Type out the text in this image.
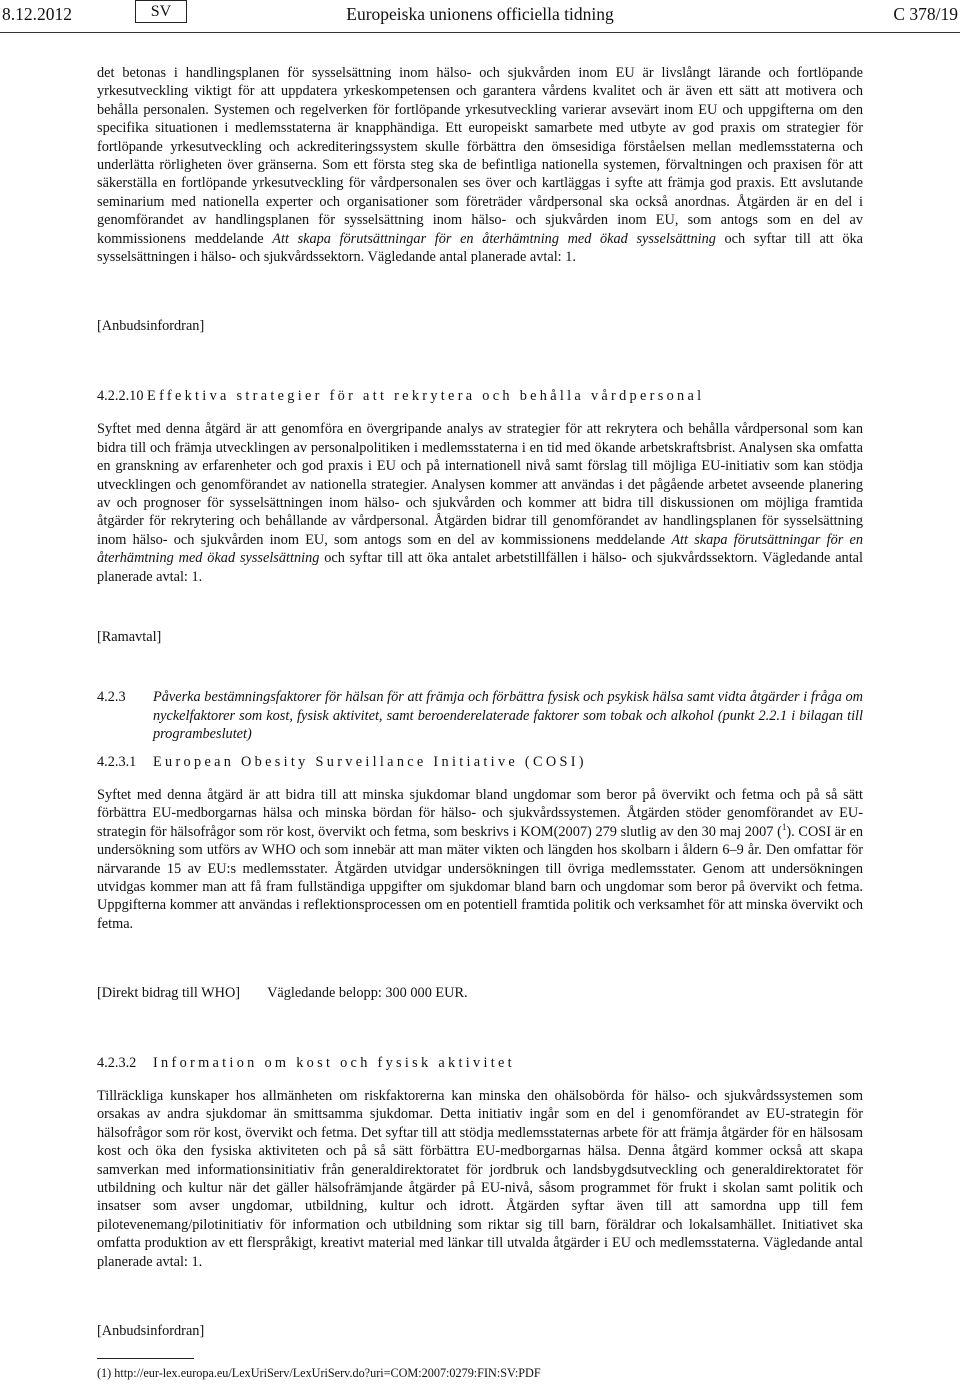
8.12.2012	SV	Europeiska unionens officiella tidning	C 378/19

det betonas i handlingsplanen för sysselsättning inom hälso- och sjukvården inom EU är livslångt lärande och fortlöpande yrkesutveckling viktigt för att uppdatera yrkeskompetensen och garantera vårdens kvalitet och är även ett sätt att motivera och behålla personalen. Systemen och regelverken för fortlöpande yrkesutveckling varierar avsevärt inom EU och uppgifterna om den specifika situationen i medlemsstaterna är knapphändiga. Ett europeiskt samarbete med utbyte av god praxis om strategier för fortlöpande yrkesutveckling och ackrediteringssystem skulle förbättra den ömsesidiga förståelsen mellan medlemsstaterna och underlätta rörligheten över gränserna. Som ett första steg ska de befintliga nationella systemen, förvaltningen och praxisen för att säkerställa en fortlöpande yrkesutveckling för vårdpersonalen ses över och kartläggas i syfte att främja god praxis. Ett avslutande seminarium med nationella experter och organisationer som företräder vårdpersonal ska också anordnas. Åtgärden är en del i genomförandet av handlingsplanen för sysselsättning inom hälso- och sjukvården inom EU, som antogs som en del av kommissionens meddelande Att skapa förutsättningar för en återhämtning med ökad sysselsättning och syftar till att öka sysselsättningen i hälso- och sjukvårdssektorn. Vägledande antal planerade avtal: 1.

[Anbudsinfordran]

4.2.2.10 Effektiva strategier för att rekrytera och behålla vårdpersonal

Syftet med denna åtgärd är att genomföra en övergripande analys av strategier för att rekrytera och behålla vårdpersonal som kan bidra till och främja utvecklingen av personalpolitiken i medlemsstaterna i en tid med ökande arbetskraftsbrist. Analysen ska omfatta en granskning av erfarenheter och god praxis i EU och på internationell nivå samt förslag till möjliga EU-initiativ som kan stödja utvecklingen och genomförandet av nationella strategier. Analysen kommer att användas i det pågående arbetet avseende planering av och prognoser för sysselsättningen inom hälso- och sjukvården och kommer att bidra till diskussionen om möjliga framtida åtgärder för rekrytering och behållande av vårdpersonal. Åtgärden bidrar till genomförandet av handlingsplanen för sysselsättning inom hälso- och sjukvården inom EU, som antogs som en del av kommissionens meddelande Att skapa förutsättningar för en återhämtning med ökad sysselsättning och syftar till att öka antalet arbetstillfällen i hälso- och sjukvårdssektorn. Vägledande antal planerade avtal: 1.

[Ramavtal]

4.2.3	Påverka bestämningsfaktorer för hälsan för att främja och förbättra fysisk och psykisk hälsa samt vidta åtgärder i fråga om nyckelfaktorer som kost, fysisk aktivitet, samt beroenderelaterade faktorer som tobak och alkohol (punkt 2.2.1 i bilagan till programbeslutet)

4.2.3.1 European Obesity Surveillance Initiative (COSI)

Syftet med denna åtgärd är att bidra till att minska sjukdomar bland ungdomar som beror på övervikt och fetma och på så sätt förbättra EU-medborgarnas hälsa och minska bördan för hälso- och sjukvårdssystemen. Åtgärden stöder genomförandet av EU-strategin för hälsofrågor som rör kost, övervikt och fetma, som beskrivs i KOM(2007) 279 slutlig av den 30 maj 2007 ($^1$). COSI är en undersökning som utförs av WHO och som innebär att man mäter vikten och längden hos skolbarn i åldern 6–9 år. Den omfattar för närvarande 15 av EU:s medlemsstater. Åtgärden utvidgar undersökningen till övriga medlemsstater. Genom att undersökningen utvidgas kommer man att få fram fullständiga uppgifter om sjukdomar bland barn och ungdomar som beror på övervikt och fetma. Uppgifterna kommer att användas i reflektionsprocessen om en potentiell framtida politik och verksamhet för att minska övervikt och fetma.

[Direkt bidrag till WHO] Vägledande belopp: 300 000 EUR.

4.2.3.2 Information om kost och fysisk aktivitet

Tillräckliga kunskaper hos allmänheten om riskfaktorerna kan minska den ohälsobörda för hälso- och sjukvårdssystemen som orsakas av andra sjukdomar än smittsamma sjukdomar. Detta initiativ ingår som en del i genomförandet av EU-strategin för hälsofrågor som rör kost, övervikt och fetma. Det syftar till att stödja medlemsstaternas arbete för att främja åtgärder för en hälsosam kost och öka den fysiska aktiviteten och på så sätt förbättra EU-medborgarnas hälsa. Denna åtgärd kommer också att skapa samverkan med informationsinitiativ från generaldirektoratet för jordbruk och landsbygdsutveckling och generaldirektoratet för utbildning och kultur när det gäller hälsofrämjande åtgärder på EU-nivå, såsom programmet för frukt i skolan samt politik och insatser som avser ungdomar, utbildning, kultur och idrott. Åtgärden syftar även till att samordna upp till fem pilotevenemang/pilotinitiativ för information och utbildning som riktar sig till barn, föräldrar och lokalsamhället. Initiativet ska omfatta produktion av ett flerspråkigt, kreativt material med länkar till utvalda åtgärder i EU och medlemsstaterna. Vägledande antal planerade avtal: 1.

[Anbudsinfordran]

(1) http://eur-lex.europa.eu/LexUriServ/LexUriServ.do?uri=COM:2007:0279:FIN:SV:PDF
